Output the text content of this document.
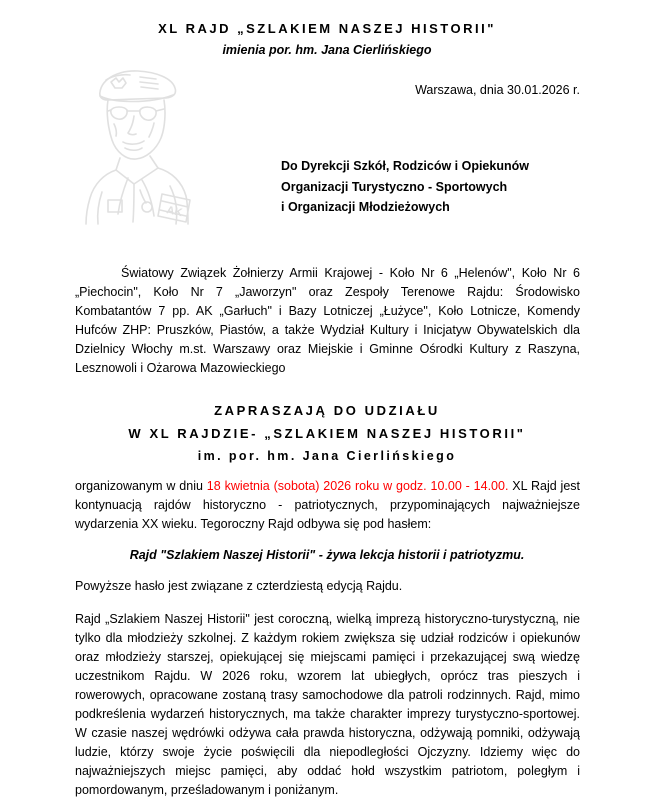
XL RAJD „SZLAKIEM NASZEJ HISTORII"
imienia por. hm. Jana Cierlińskiego
AK
Warszawa, dnia 30.01.2026 r.
Do Dyrekcji Szkół, Rodziców i Opiekunów
Organizacji Turystyczno - Sportowych
i Organizacji Młodzieżowych

Światowy Związek Żołnierzy Armii Krajowej - Koło Nr 6 „Helenów", Koło Nr 6 „Piechocin", Koło Nr 7 „Jaworzyn" oraz Zespoły Terenowe Rajdu: Środowisko Kombatantów 7 pp. AK „Garłuch" i Bazy Lotniczej „Łużyce", Koło Lotnicze, Komendy Hufców ZHP: Pruszków, Piastów, a także Wydział Kultury i Inicjatyw Obywatelskich dla Dzielnicy Włochy m.st. Warszawy oraz Miejskie i Gminne Ośrodki Kultury z Raszyna, Lesznowoli i Ożarowa Mazowieckiego

ZAPRASZAJĄ DO UDZIAŁU
W XL RAJDZIE- „SZLAKIEM NASZEJ HISTORII"
im. por. hm. Jana Cierlińskiego

organizowanym w dniu 18 kwietnia (sobota) 2026 roku w godz. 10.00 - 14.00. XL Rajd jest kontynuacją rajdów historyczno - patriotycznych, przypominających najważniejsze wydarzenia XX wieku. Tegoroczny Rajd odbywa się pod hasłem:

Rajd "Szlakiem Naszej Historii" - żywa lekcja historii i patriotyzmu.

Powyższe hasło jest związane z czterdziestą edycją Rajdu.

Rajd „Szlakiem Naszej Historii" jest coroczną, wielką imprezą historyczno-turystyczną, nie tylko dla młodzieży szkolnej. Z każdym rokiem zwiększa się udział rodziców i opiekunów oraz młodzieży starszej, opiekującej się miejscami pamięci i przekazującej swą wiedzę uczestnikom Rajdu. W 2026 roku, wzorem lat ubiegłych, oprócz tras pieszych i rowerowych, opracowane zostaną trasy samochodowe dla patroli rodzinnych. Rajd, mimo podkreślenia wydarzeń historycznych, ma także charakter imprezy turystyczno-sportowej. W czasie naszej wędrówki odżywa cała prawda historyczna, odżywają pomniki, odżywają ludzie, którzy swoje życie poświęcili dla niepodległości Ojczyzny. Idziemy więc do najważniejszych miejsc pamięci, aby oddać hołd wszystkim patriotom, poległym i pomordowanym, prześladowanym i poniżanym.
